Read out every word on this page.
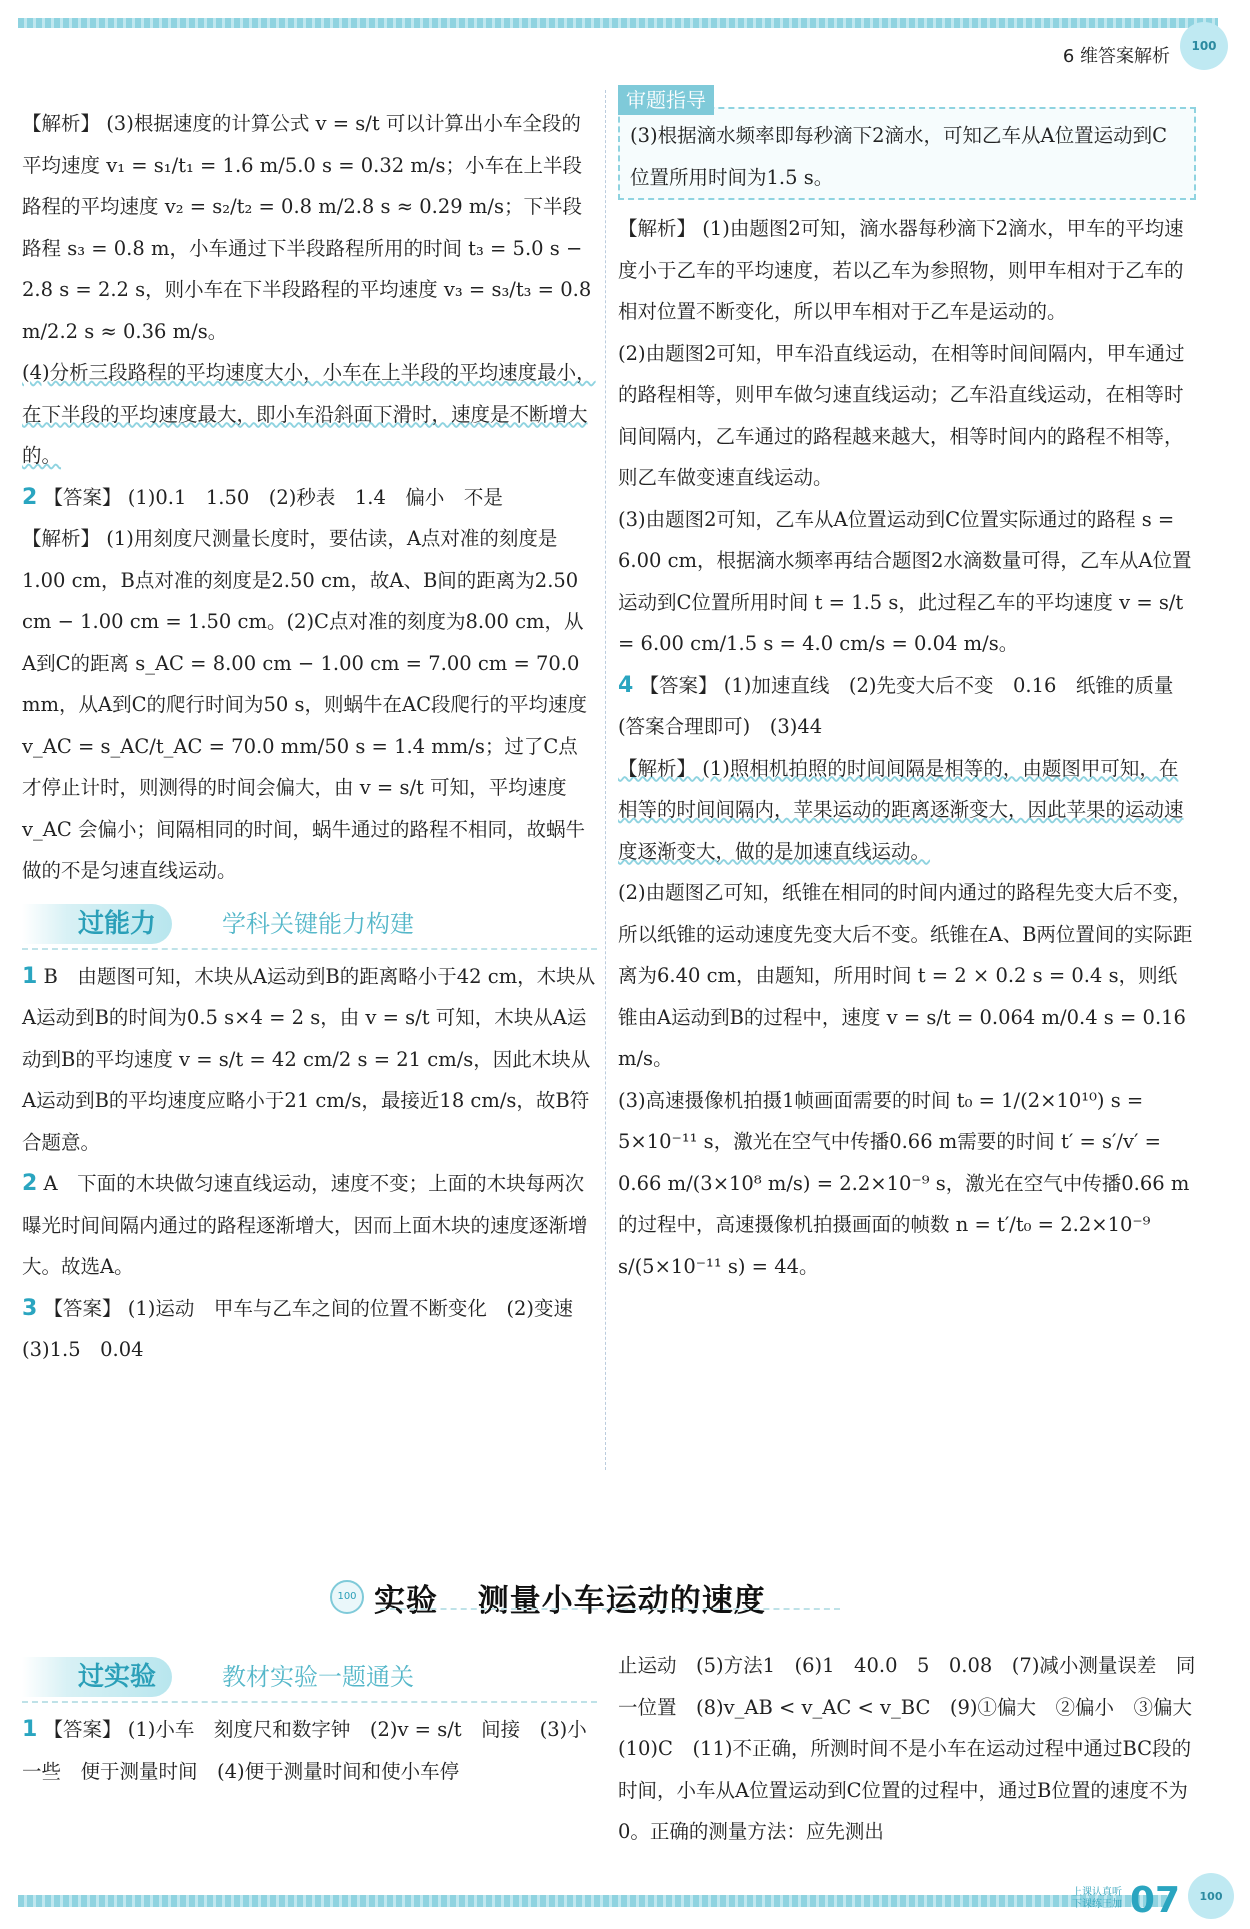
6 维答案解析	100

【解析】 (3)根据速度的计算公式 v = s/t 可以计算出小车全段的平均速度 v₁ = s₁/t₁ = 1.6 m/5.0 s = 0.32 m/s；小车在上半段路程的平均速度 v₂ = s₂/t₂ = 0.8 m/2.8 s ≈ 0.29 m/s；下半段路程 s₃ = 0.8 m，小车通过下半段路程所用的时间 t₃ = 5.0 s − 2.8 s = 2.2 s，则小车在下半段路程的平均速度 v₃ = s₃/t₃ = 0.8 m/2.2 s ≈ 0.36 m/s。

(4)分析三段路程的平均速度大小，小车在上半段的平均速度最小，在下半段的平均速度最大，即小车沿斜面下滑时，速度是不断增大的。

2 【答案】 (1)0.1　1.50　(2)秒表　1.4　偏小　不是

【解析】 (1)用刻度尺测量长度时，要估读，A点对准的刻度是1.00 cm，B点对准的刻度是2.50 cm，故A、B间的距离为2.50 cm − 1.00 cm = 1.50 cm。(2)C点对准的刻度为8.00 cm，从A到C的距离 s_AC = 8.00 cm − 1.00 cm = 7.00 cm = 70.0 mm，从A到C的爬行时间为50 s，则蜗牛在AC段爬行的平均速度 v_AC = s_AC/t_AC = 70.0 mm/50 s = 1.4 mm/s；过了C点才停止计时，则测得的时间会偏大，由 v = s/t 可知，平均速度 v_AC 会偏小；间隔相同的时间，蜗牛通过的路程不相同，故蜗牛做的不是匀速直线运动。

过能力	学科关键能力构建

1 B　由题图可知，木块从A运动到B的距离略小于42 cm，木块从A运动到B的时间为0.5 s×4 = 2 s，由 v = s/t 可知，木块从A运动到B的平均速度 v = s/t = 42 cm/2 s = 21 cm/s，因此木块从A运动到B的平均速度应略小于21 cm/s，最接近18 cm/s，故B符合题意。

2 A　下面的木块做匀速直线运动，速度不变；上面的木块每两次曝光时间间隔内通过的路程逐渐增大，因而上面木块的速度逐渐增大。故选A。

3 【答案】 (1)运动　甲车与乙车之间的位置不断变化　(2)变速　(3)1.5　0.04

审题指导

(3)根据滴水频率即每秒滴下2滴水，可知乙车从A位置运动到C位置所用时间为1.5 s。

【解析】 (1)由题图2可知，滴水器每秒滴下2滴水，甲车的平均速度小于乙车的平均速度，若以乙车为参照物，则甲车相对于乙车的相对位置不断变化，所以甲车相对于乙车是运动的。

(2)由题图2可知，甲车沿直线运动，在相等时间间隔内，甲车通过的路程相等，则甲车做匀速直线运动；乙车沿直线运动，在相等时间间隔内，乙车通过的路程越来越大，相等时间内的路程不相等，则乙车做变速直线运动。

(3)由题图2可知，乙车从A位置运动到C位置实际通过的路程 s = 6.00 cm，根据滴水频率再结合题图2水滴数量可得，乙车从A位置运动到C位置所用时间 t = 1.5 s，此过程乙车的平均速度 v = s/t = 6.00 cm/1.5 s = 4.0 cm/s = 0.04 m/s。

4 【答案】 (1)加速直线　(2)先变大后不变　0.16　纸锥的质量(答案合理即可)　(3)44

【解析】 (1)照相机拍照的时间间隔是相等的，由题图甲可知，在相等的时间间隔内，苹果运动的距离逐渐变大，因此苹果的运动速度逐渐变大，做的是加速直线运动。

(2)由题图乙可知，纸锥在相同的时间内通过的路程先变大后不变，所以纸锥的运动速度先变大后不变。纸锥在A、B两位置间的实际距离为6.40 cm，由题知，所用时间 t = 2 × 0.2 s = 0.4 s，则纸锥由A运动到B的过程中，速度 v = s/t = 0.064 m/0.4 s = 0.16 m/s。

(3)高速摄像机拍摄1帧画面需要的时间 t₀ = 1/(2×10¹⁰) s = 5×10⁻¹¹ s，激光在空气中传播0.66 m需要的时间 t′ = s′/v′ = 0.66 m/(3×10⁸ m/s) = 2.2×10⁻⁹ s，激光在空气中传播0.66 m的过程中，高速摄像机拍摄画面的帧数 n = t′/t₀ = 2.2×10⁻⁹ s/(5×10⁻¹¹ s) = 44。

100 实验 测量小车运动的速度
过实验	教材实验一题通关

1 【答案】 (1)小车　刻度尺和数字钟　(2)v = s/t　间接　(3)小一些　便于测量时间　(4)便于测量时间和使小车停

止运动　(5)方法1　(6)1　40.0　5　0.08　(7)减小测量误差　同一位置　(8)v_AB < v_AC < v_BC　(9)①偏大　②偏小　③偏大　(10)C　(11)不正确，所测时间不是小车在运动过程中通过BC段的时间，小车从A位置运动到C位置的过程中，通过B位置的速度不为0。正确的测量方法：应先测出

上课认真听
下课练王加 07	100
